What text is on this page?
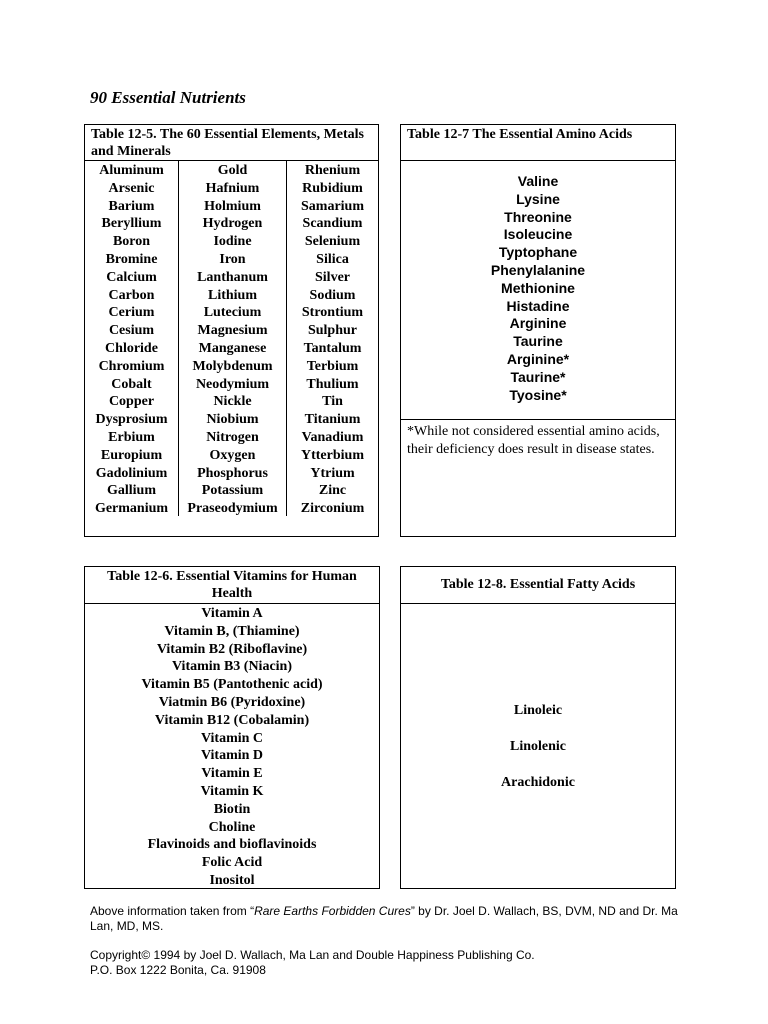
90 Essential Nutrients
Table 12-5. The 60 Essential Elements, Metals and Minerals
Aluminum
Arsenic
Barium
Beryllium
Boron
Bromine
Calcium
Carbon
Cerium
Cesium
Chloride
Chromium
Cobalt
Copper
Dysprosium
Erbium
Europium
Gadolinium
Gallium
Germanium
Gold
Hafnium
Holmium
Hydrogen
Iodine
Iron
Lanthanum
Lithium
Lutecium
Magnesium
Manganese
Molybdenum
Neodymium
Nickle
Niobium
Nitrogen
Oxygen
Phosphorus
Potassium
Praseodymium
Rhenium
Rubidium
Samarium
Scandium
Selenium
Silica
Silver
Sodium
Strontium
Sulphur
Tantalum
Terbium
Thulium
Tin
Titanium
Vanadium
Ytterbium
Ytrium
Zinc
Zirconium
Table 12-7 The Essential Amino Acids
Valine
Lysine
Threonine
Isoleucine
Typtophane
Phenylalanine
Methionine
Histadine
Arginine
Taurine
Arginine*
Taurine*
Tyosine*
*While not considered essential amino acids, their deficiency does result in disease states.
Table 12-6. Essential Vitamins for Human Health
Vitamin A
Vitamin B, (Thiamine)
Vitamin B2 (Riboflavine)
Vitamin B3 (Niacin)
Vitamin B5 (Pantothenic acid)
Viatmin B6 (Pyridoxine)
Vitamin B12 (Cobalamin)
Vitamin C
Vitamin D
Vitamin E
Vitamin K
Biotin
Choline
Flavinoids and bioflavinoids
Folic Acid
Inositol
Table 12-8. Essential Fatty Acids
Linoleic
Linolenic
Arachidonic
Above information taken from “Rare Earths Forbidden Cures” by Dr. Joel D. Wallach, BS, DVM, ND and Dr. Ma Lan, MD, MS.
Copyright© 1994 by Joel D. Wallach, Ma Lan and Double Happiness Publishing Co.
P.O. Box 1222 Bonita, Ca. 91908
